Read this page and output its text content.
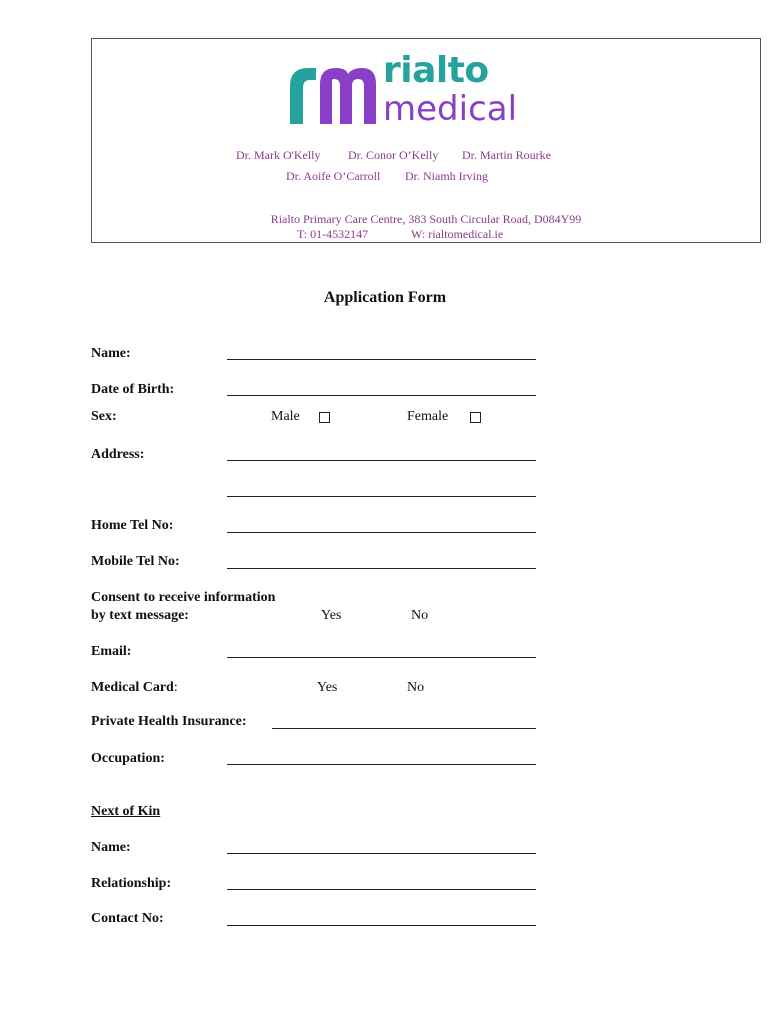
rialto
medical
Dr. Mark O'Kelly Dr. Conor O’Kelly Dr. Martin Rourke
Dr. Aoife O’Carroll Dr. Niamh Irving
Rialto Primary Care Centre, 383 South Circular Road, D084Y99
T: 01-4532147	W: rialtomedical.ie
Application Form
Name:
Date of Birth:
Sex:	Male	Female
Address:
Home Tel No:
Mobile Tel No:
Consent to receive information
by text message:	Yes	No
Email:
Medical Card:	Yes	No
Private Health Insurance:
Occupation:
Next of Kin
Name:
Relationship:
Contact No:
